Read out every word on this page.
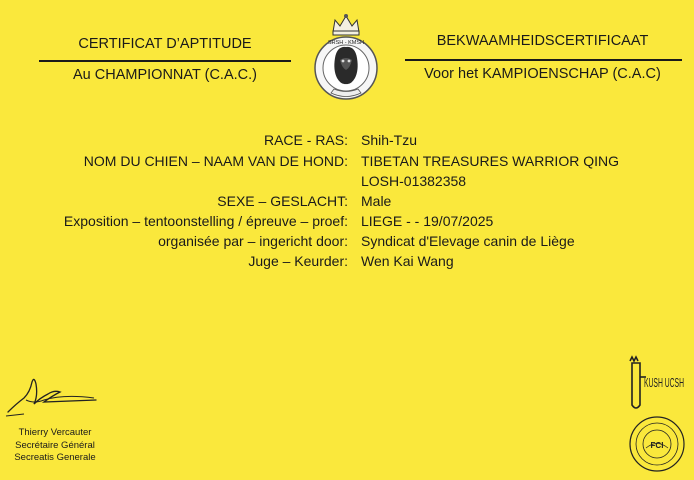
CERTIFICAT D’APTITUDE
Au CHAMPIONNAT (C.A.C.)
BEKWAAMHEIDSCERTIFICAAT
Voor het KAMPIOENSCHAP (C.A.C)
SRSH - KMSH
RACE - RAS: Shih-Tzu
NOM DU CHIEN – NAAM VAN DE HOND: TIBETAN TREASURES WARRIOR QING
LOSH-01382358
SEXE – GESLACHT: Male
Exposition – tentoonstelling / épreuve – proef: LIEGE - - 19/07/2025
organisée par – ingericht door: Syndicat d'Elevage canin de Liège
Juge – Keurder: Wen Kai Wang
Thierry Vercauter
Secrétaire Général
Secreatis Generale
KUSH UCSH
FCI
